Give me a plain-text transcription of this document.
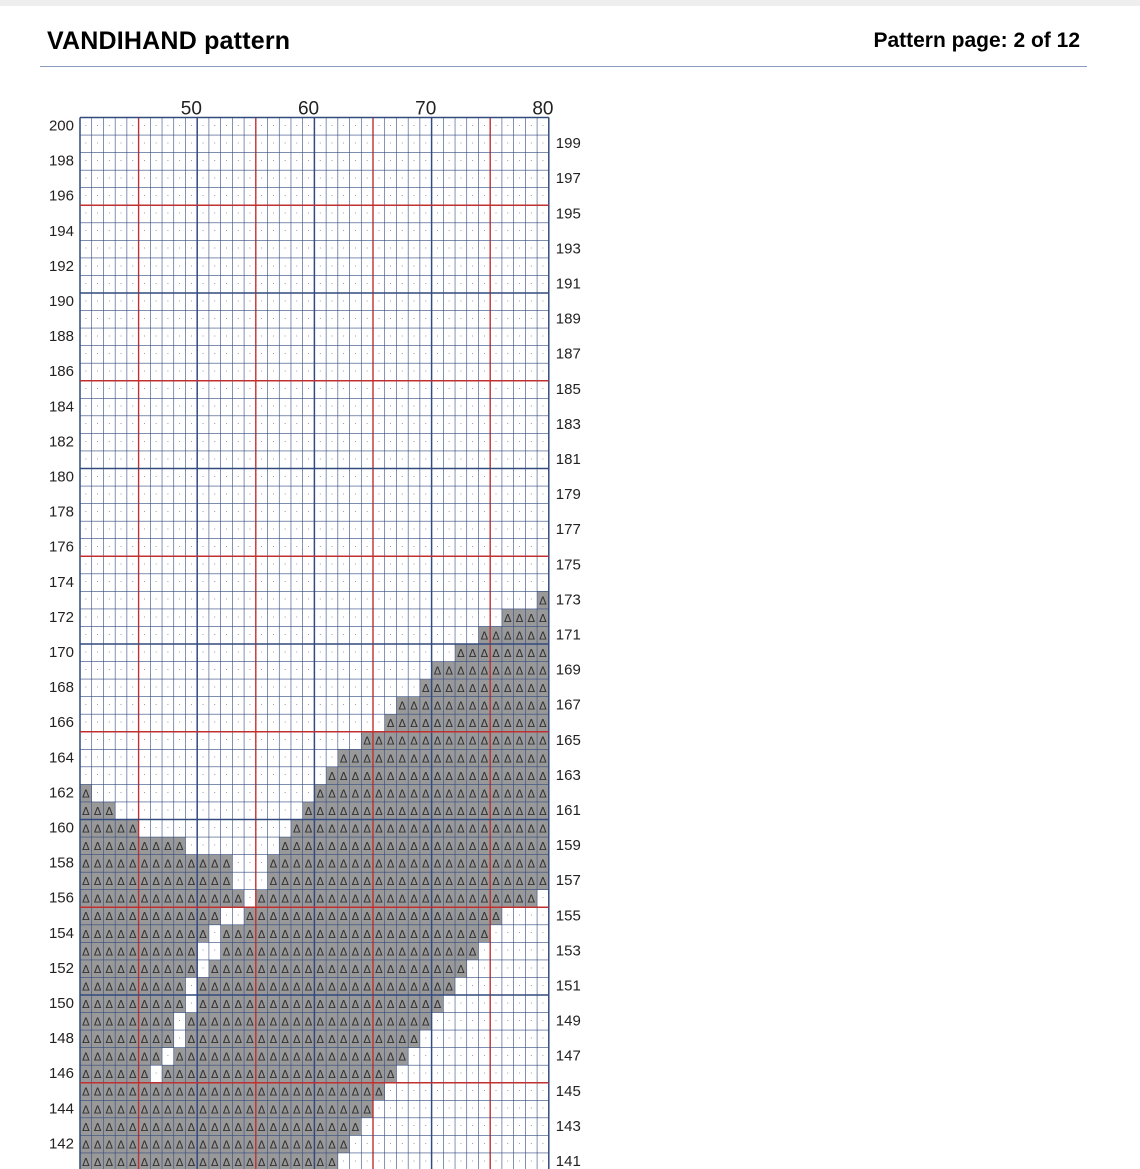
VANDIHAND pattern	Pattern page: 2 of 12
· · · · · · · · · · · · · · · · · · · · · · · · · · · · · · · · · · · · · · · ·
· · · · · · · · · · · · · · · · · · · · · · · · · · · · · · · · · · · · · · · ·
· · · · · · · · · · · · · · · · · · · · · · · · · · · · · · · · · · · · · · · ·
· · · · · · · · · · · · · · · · · · · · · · · · · · · · · · · · · · · · · · · ·
· · · · · · · · · · · · · · · · · · · · · · · · · · · · · · · · · · · · · · · ·
· · · · · · · · · · · · · · · · · · · · · · · · · · · · · · · · · · · · · · · ·
· · · · · · · · · · · · · · · · · · · · · · · · · · · · · · · · · · · · · · · ·
· · · · · · · · · · · · · · · · · · · · · · · · · · · · · · · · · · · · · · · ·
· · · · · · · · · · · · · · · · · · · · · · · · · · · · · · · · · · · · · · · ·
· · · · · · · · · · · · · · · · · · · · · · · · · · · · · · · · · · · · · · · ·
· · · · · · · · · · · · · · · · · · · · · · · · · · · · · · · · · · · · · · · ·
· · · · · · · · · · · · · · · · · · · · · · · · · · · · · · · · · · · · · · · ·
· · · · · · · · · · · · · · · · · · · · · · · · · · · · · · · · · · · · · · · ·
· · · · · · · · · · · · · · · · · · · · · · · · · · · · · · · · · · · · · · · ·
· · · · · · · · · · · · · · · · · · · · · · · · · · · · · · · · · · · · · · · ·
· · · · · · · · · · · · · · · · · · · · · · · · · · · · · · · · · · · · · · · ·
· · · · · · · · · · · · · · · · · · · · · · · · · · · · · · · · · · · · · · · ·
· · · · · · · · · · · · · · · · · · · · · · · · · · · · · · · · · · · · · · · ·
· · · · · · · · · · · · · · · · · · · · · · · · · · · · · · · · · · · · · · · ·
· · · · · · · · · · · · · · · · · · · · · · · · · · · · · · · · · · · · · · · ·
· · · · · · · · · · · · · · · · · · · · · · · · · · · · · · · · · · · · · · · ·
· · · · · · · · · · · · · · · · · · · · · · · · · · · · · · · · · · · · · · · ·
· · · · · · · · · · · · · · · · · · · · · · · · · · · · · · · · · · · · · · · ·
· · · · · · · · · · · · · · · · · · · · · · · · · · · · · · · · · · · · · · · ·
· · · · · · · · · · · · · · · · · · · · · · · · · · · · · · · · · · · · · · · ·
· · · · · · · · · · · · · · · · · · · · · · · · · · · · · · · · · · · · · · · ·
· · · · · · · · · · · · · · · · · · · · · · · · · · · · · · · · · · · · · · · ·
· · · · · · · · · · · · · · · · · · · · · · · · · · · · · · · · · · · · · · · Δ
· · · · · · · · · · · · · · · · · · · · · · · · · · · · · · · · · · · · Δ Δ Δ Δ
· · · · · · · · · · · · · · · · · · · · · · · · · · · · · · · · · · Δ Δ Δ Δ Δ Δ
· · · · · · · · · · · · · · · · · · · · · · · · · · · · · · · · Δ Δ Δ Δ Δ Δ Δ Δ
· · · · · · · · · · · · · · · · · · · · · · · · · · · · · · Δ Δ Δ Δ Δ Δ Δ Δ Δ Δ
· · · · · · · · · · · · · · · · · · · · · · · · · · · · · Δ Δ Δ Δ Δ Δ Δ Δ Δ Δ Δ
· · · · · · · · · · · · · · · · · · · · · · · · · · · Δ Δ Δ Δ Δ Δ Δ Δ Δ Δ Δ Δ Δ
· · · · · · · · · · · · · · · · · · · · · · · · · · Δ Δ Δ Δ Δ Δ Δ Δ Δ Δ Δ Δ Δ Δ
· · · · · · · · · · · · · · · · · · · · · · · · Δ Δ Δ Δ Δ Δ Δ Δ Δ Δ Δ Δ Δ Δ Δ Δ
· · · · · · · · · · · · · · · · · · · · · · Δ Δ Δ Δ Δ Δ Δ Δ Δ Δ Δ Δ Δ Δ Δ Δ Δ Δ
· · · · · · · · · · · · · · · · · · · · · Δ Δ Δ Δ Δ Δ Δ Δ Δ Δ Δ Δ Δ Δ Δ Δ Δ Δ Δ
Δ · · · · · · · · · · · · · · · · · · · Δ Δ Δ Δ Δ Δ Δ Δ Δ Δ Δ Δ Δ Δ Δ Δ Δ Δ Δ Δ
Δ Δ Δ · · · · · · · · · · · · · · · · Δ Δ Δ Δ Δ Δ Δ Δ Δ Δ Δ Δ Δ Δ Δ Δ Δ Δ Δ Δ Δ
Δ Δ Δ Δ Δ · · · · · · · · · · · · · Δ Δ Δ Δ Δ Δ Δ Δ Δ Δ Δ Δ Δ Δ Δ Δ Δ Δ Δ Δ Δ Δ
Δ Δ Δ Δ Δ Δ Δ Δ Δ · · · · · · · · Δ Δ Δ Δ Δ Δ Δ Δ Δ Δ Δ Δ Δ Δ Δ Δ Δ Δ Δ Δ Δ Δ Δ
Δ Δ Δ Δ Δ Δ Δ Δ Δ Δ Δ Δ Δ · · · Δ Δ Δ Δ Δ Δ Δ Δ Δ Δ Δ Δ Δ Δ Δ Δ Δ Δ Δ Δ Δ Δ Δ Δ
Δ Δ Δ Δ Δ Δ Δ Δ Δ Δ Δ Δ Δ · · · Δ Δ Δ Δ Δ Δ Δ Δ Δ Δ Δ Δ Δ Δ Δ Δ Δ Δ Δ Δ Δ Δ Δ Δ
Δ Δ Δ Δ Δ Δ Δ Δ Δ Δ Δ Δ Δ Δ · Δ Δ Δ Δ Δ Δ Δ Δ Δ Δ Δ Δ Δ Δ Δ Δ Δ Δ Δ Δ Δ Δ Δ Δ ·
Δ Δ Δ Δ Δ Δ Δ Δ Δ Δ Δ Δ · · Δ Δ Δ Δ Δ Δ Δ Δ Δ Δ Δ Δ Δ Δ Δ Δ Δ Δ Δ Δ Δ Δ · · · ·
Δ Δ Δ Δ Δ Δ Δ Δ Δ Δ Δ · Δ Δ Δ Δ Δ Δ Δ Δ Δ Δ Δ Δ Δ Δ Δ Δ Δ Δ Δ Δ Δ Δ Δ · · · · ·
Δ Δ Δ Δ Δ Δ Δ Δ Δ Δ · · Δ Δ Δ Δ Δ Δ Δ Δ Δ Δ Δ Δ Δ Δ Δ Δ Δ Δ Δ Δ Δ Δ · · · · · ·
Δ Δ Δ Δ Δ Δ Δ Δ Δ Δ · Δ Δ Δ Δ Δ Δ Δ Δ Δ Δ Δ Δ Δ Δ Δ Δ Δ Δ Δ Δ Δ Δ · · · · · · ·
Δ Δ Δ Δ Δ Δ Δ Δ Δ · Δ Δ Δ Δ Δ Δ Δ Δ Δ Δ Δ Δ Δ Δ Δ Δ Δ Δ Δ Δ Δ Δ · · · · · · · ·
Δ Δ Δ Δ Δ Δ Δ Δ Δ · Δ Δ Δ Δ Δ Δ Δ Δ Δ Δ Δ Δ Δ Δ Δ Δ Δ Δ Δ Δ Δ · · · · · · · · ·
Δ Δ Δ Δ Δ Δ Δ Δ · Δ Δ Δ Δ Δ Δ Δ Δ Δ Δ Δ Δ Δ Δ Δ Δ Δ Δ Δ Δ Δ · · · · · · · · · ·
Δ Δ Δ Δ Δ Δ Δ Δ · Δ Δ Δ Δ Δ Δ Δ Δ Δ Δ Δ Δ Δ Δ Δ Δ Δ Δ Δ Δ · · · · · · · · · · ·
Δ Δ Δ Δ Δ Δ Δ · Δ Δ Δ Δ Δ Δ Δ Δ Δ Δ Δ Δ Δ Δ Δ Δ Δ Δ Δ Δ · · · · · · · · · · · ·
Δ Δ Δ Δ Δ Δ · Δ Δ Δ Δ Δ Δ Δ Δ Δ Δ Δ Δ Δ Δ Δ Δ Δ Δ Δ Δ · · · · · · · · · · · · ·
Δ Δ Δ Δ Δ Δ Δ Δ Δ Δ Δ Δ Δ Δ Δ Δ Δ Δ Δ Δ Δ Δ Δ Δ Δ Δ · · · · · · · · · · · · · ·
Δ Δ Δ Δ Δ Δ Δ Δ Δ Δ Δ Δ Δ Δ Δ Δ Δ Δ Δ Δ Δ Δ Δ Δ Δ · · · · · · · · · · · · · · ·
Δ Δ Δ Δ Δ Δ Δ Δ Δ Δ Δ Δ Δ Δ Δ Δ Δ Δ Δ Δ Δ Δ Δ Δ · · · · · · · · · · · · · · · ·
Δ Δ Δ Δ Δ Δ Δ Δ Δ Δ Δ Δ Δ Δ Δ Δ Δ Δ Δ Δ Δ Δ Δ · · · · · · · · · · · · · · · · ·
Δ Δ Δ Δ Δ Δ Δ Δ Δ Δ Δ Δ Δ Δ Δ Δ Δ Δ Δ Δ Δ Δ · · · · · · · · · · · · · · · · · ·
50	60	70	80
200
198
196
194
192
190
188
186
184
182
180
178
176
174
172
170
168
166
164
162
160
158
156
154
152
150
148
146
144
142
199
197
195
193
191
189
187
185
183
181
179
177
175
173
171
169
167
165
163
161
159
157
155
153
151
149
147
145
143
141
